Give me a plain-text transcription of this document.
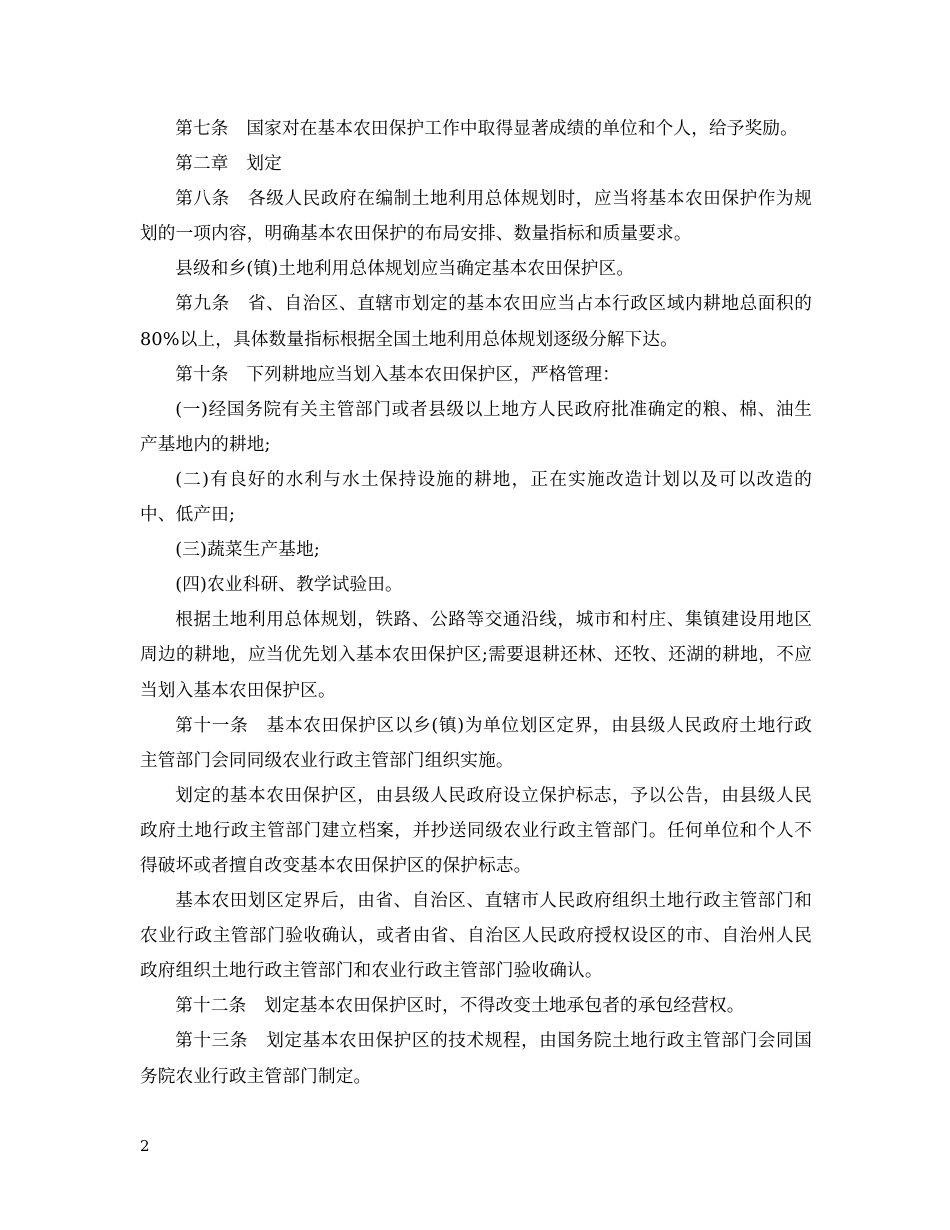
第七条　国家对在基本农田保护工作中取得显著成绩的单位和个人，给予奖励。

第二章　划定

第八条　各级人民政府在编制土地利用总体规划时，应当将基本农田保护作为规划的一项内容，明确基本农田保护的布局安排、数量指标和质量要求。

县级和乡(镇)土地利用总体规划应当确定基本农田保护区。

第九条　省、自治区、直辖市划定的基本农田应当占本行政区域内耕地总面积的80%以上，具体数量指标根据全国土地利用总体规划逐级分解下达。

第十条　下列耕地应当划入基本农田保护区，严格管理：

(一)经国务院有关主管部门或者县级以上地方人民政府批准确定的粮、棉、油生产基地内的耕地;

(二)有良好的水利与水土保持设施的耕地，正在实施改造计划以及可以改造的中、低产田;

(三)蔬菜生产基地;

(四)农业科研、教学试验田。

根据土地利用总体规划，铁路、公路等交通沿线，城市和村庄、集镇建设用地区周边的耕地，应当优先划入基本农田保护区;需要退耕还林、还牧、还湖的耕地，不应当划入基本农田保护区。

第十一条　基本农田保护区以乡(镇)为单位划区定界，由县级人民政府土地行政主管部门会同同级农业行政主管部门组织实施。

划定的基本农田保护区，由县级人民政府设立保护标志，予以公告，由县级人民政府土地行政主管部门建立档案，并抄送同级农业行政主管部门。任何单位和个人不得破坏或者擅自改变基本农田保护区的保护标志。

基本农田划区定界后，由省、自治区、直辖市人民政府组织土地行政主管部门和农业行政主管部门验收确认，或者由省、自治区人民政府授权设区的市、自治州人民政府组织土地行政主管部门和农业行政主管部门验收确认。

第十二条　划定基本农田保护区时，不得改变土地承包者的承包经营权。

第十三条　划定基本农田保护区的技术规程，由国务院土地行政主管部门会同国务院农业行政主管部门制定。

2
